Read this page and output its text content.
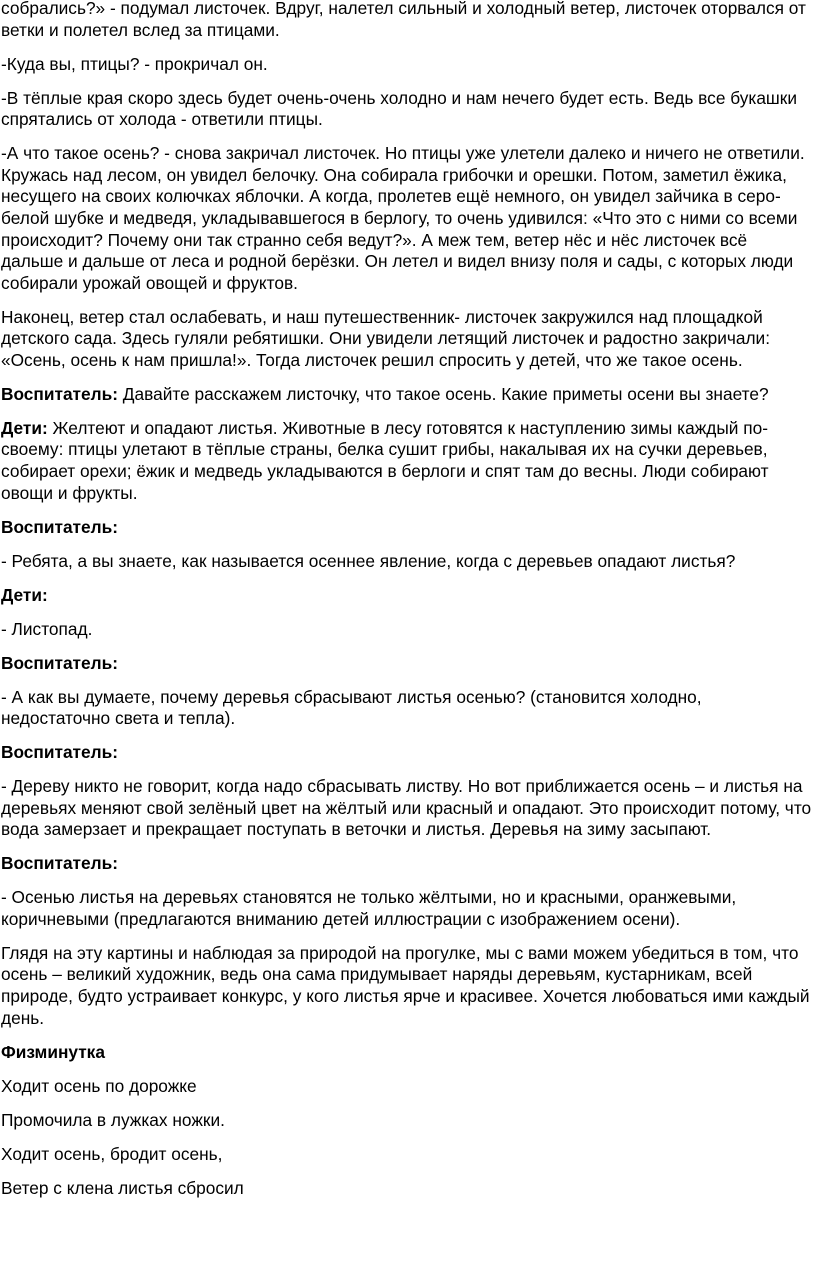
собрались?» - подумал листочек. Вдруг, налетел сильный и холодный ветер, листочек оторвался от ветки и полетел вслед за птицами.

-Куда вы, птицы? - прокричал он.

-В тёплые края скоро здесь будет очень-очень холодно и нам нечего будет есть. Ведь все букашки спрятались от холода - ответили птицы.

-А что такое осень? - снова закричал листочек. Но птицы уже улетели далеко и ничего не ответили. Кружась над лесом, он увидел белочку. Она собирала грибочки и орешки. Потом, заметил ёжика, несущего на своих колючках яблочки. А когда, пролетев ещё немного, он увидел зайчика в серо-белой шубке и медведя, укладывавшегося в берлогу, то очень удивился: «Что это с ними со всеми происходит? Почему они так странно себя ведут?». А меж тем, ветер нёс и нёс листочек всё дальше и дальше от леса и родной берёзки. Он летел и видел внизу поля и сады, с которых люди собирали урожай овощей и фруктов.

Наконец, ветер стал ослабевать, и наш путешественник- листочек закружился над площадкой детского сада. Здесь гуляли ребятишки. Они увидели летящий листочек и радостно закричали: «Осень, осень к нам пришла!». Тогда листочек решил спросить у детей, что же такое осень.

Воспитатель: Давайте расскажем листочку, что такое осень. Какие приметы осени вы знаете?

Дети: Желтеют и опадают листья. Животные в лесу готовятся к наступлению зимы каждый по-своему: птицы улетают в тёплые страны, белка сушит грибы, накалывая их на сучки деревьев, собирает орехи; ёжик и медведь укладываются в берлоги и спят там до весны. Люди собирают овощи и фрукты.

Воспитатель:

- Ребята, а вы знаете, как называется осеннее явление, когда с деревьев опадают листья?

Дети:

- Листопад.

Воспитатель:

- А как вы думаете, почему деревья сбрасывают листья осенью? (становится холодно, недостаточно света и тепла).

Воспитатель:

- Дереву никто не говорит, когда надо сбрасывать листву. Но вот приближается осень – и листья на деревьях меняют свой зелёный цвет на жёлтый или красный и опадают. Это происходит потому, что вода замерзает и прекращает поступать в веточки и листья. Деревья на зиму засыпают.

Воспитатель:

- Осенью листья на деревьях становятся не только жёлтыми, но и красными, оранжевыми, коричневыми (предлагаются вниманию детей иллюстрации с изображением осени).

Глядя на эту картины и наблюдая за природой на прогулке, мы с вами можем убедиться в том, что осень – великий художник, ведь она сама придумывает наряды деревьям, кустарникам, всей природе, будто устраивает конкурс, у кого листья ярче и красивее. Хочется любоваться ими каждый день.

Физминутка

Ходит осень по дорожке

Промочила в лужках ножки.

Ходит осень, бродит осень,

Ветер с клена листья сбросил
